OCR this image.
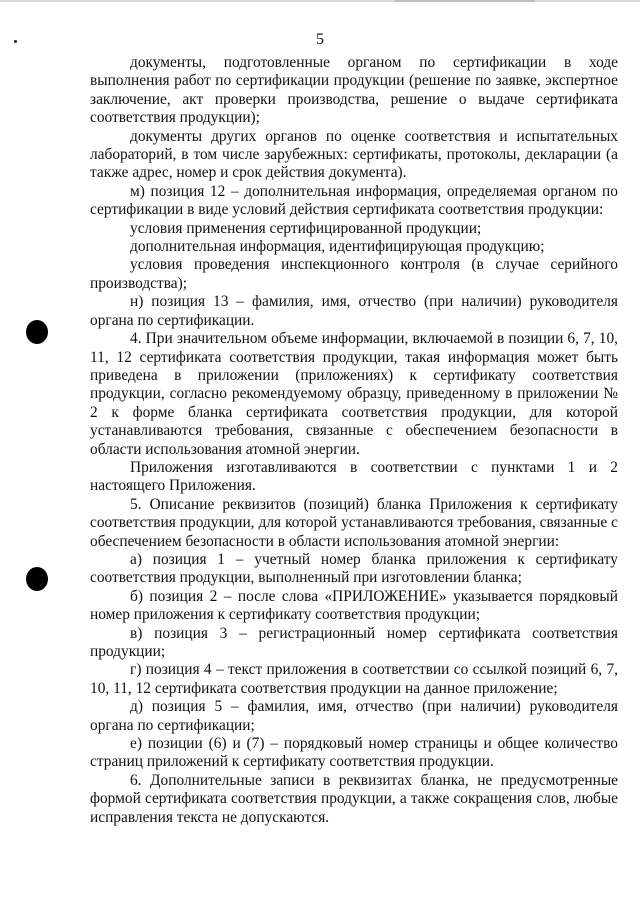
5

документы, подготовленные органом по сертификации в ходе выполнения работ по сертификации продукции (решение по заявке, экспертное заключение, акт проверки производства, решение о выдаче сертификата соответствия продукции);

документы других органов по оценке соответствия и испытательных лабораторий, в том числе зарубежных: сертификаты, протоколы, декларации (а также адрес, номер и срок действия документа).

м) позиция 12 – дополнительная информация, определяемая органом по сертификации в виде условий действия сертификата соответствия продукции:

условия применения сертифицированной продукции;

дополнительная информация, идентифицирующая продукцию;

условия проведения инспекционного контроля (в случае серийного производства);

н) позиция 13 – фамилия, имя, отчество (при наличии) руководителя органа по сертификации.

4. При значительном объеме информации, включаемой в позиции 6, 7, 10, 11, 12 сертификата соответствия продукции, такая информация может быть приведена в приложении (приложениях) к сертификату соответствия продукции, согласно рекомендуемому образцу, приведенному в приложении № 2 к форме бланка сертификата соответствия продукции, для которой устанавливаются требования, связанные с обеспечением безопасности в области использования атомной энергии.

Приложения изготавливаются в соответствии с пунктами 1 и 2 настоящего Приложения.

5. Описание реквизитов (позиций) бланка Приложения к сертификату соответствия продукции, для которой устанавливаются требования, связанные с обеспечением безопасности в области использования атомной энергии:

а) позиция 1 – учетный номер бланка приложения к сертификату соответствия продукции, выполненный при изготовлении бланка;

б) позиция 2 – после слова «ПРИЛОЖЕНИЕ» указывается порядковый номер приложения к сертификату соответствия продукции;

в) позиция 3 – регистрационный номер сертификата соответствия продукции;

г) позиция 4 – текст приложения в соответствии со ссылкой позиций 6, 7, 10, 11, 12 сертификата соответствия продукции на данное приложение;

д) позиция 5 – фамилия, имя, отчество (при наличии) руководителя органа по сертификации;

е) позиции (6) и (7) – порядковый номер страницы и общее количество страниц приложений к сертификату соответствия продукции.

6. Дополнительные записи в реквизитах бланка, не предусмотренные формой сертификата соответствия продукции, а также сокращения слов, любые исправления текста не допускаются.
